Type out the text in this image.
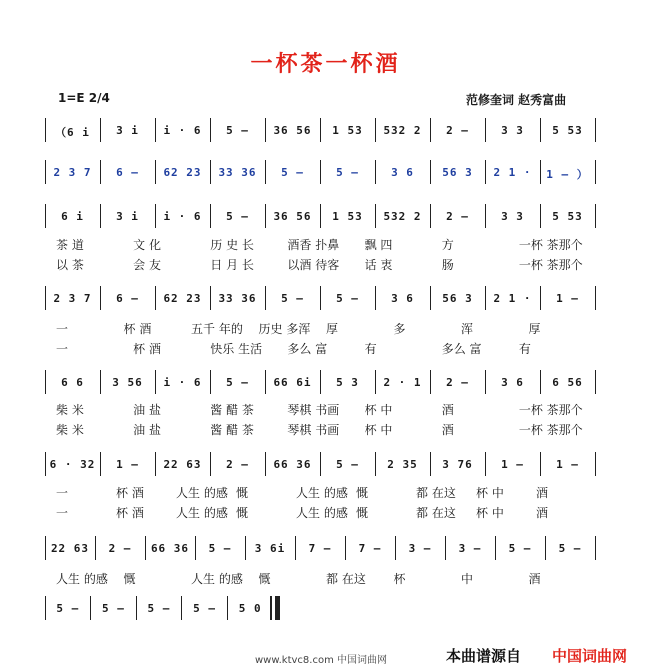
一杯茶一杯酒
1=E 2/4	范修奎词 赵秀富曲
（6 i	3 i	i · 6	5 —	36 56	1 53	532 2	2 —	3 3	5 53
2 3 7	6 —	62 23	33 36	5 —	5 —	3 6	56 3	2 1 ·	1 — ）
6 i	3 i	i · 6	5 —	36 56	1 53	532 2	2 —	3 3	5 53
2 3 7	6 —	62 23	33 36	5 —	5 —	3 6	56 3	2 1 ·	1 —
6 6	3 56	i · 6	5 —	66 6i	5 3	2 · 1	2 —	3 6	6 56
6 · 32	1 —	22 63	2 —	66 36	5 —	2 35	3 76	1 —	1 —
22 63	2 —	66 36	5 —	3 6i	7 —	7 —	3 —	3 —	5 —	5 —
5 —	5 —	5 —	5 —	5 0
茶 道	文 化	历 史 长	酒香 扑鼻 飘 四	方	一杯 茶那个
以 茶	会 友	日 月 长	以酒 待客 话 衷	肠	一杯 茶那个
一	杯 酒	五千 年的 历史 多浑 厚	多	浑	厚
一	杯 酒	快乐 生活 多么 富	有	多么 富	有
柴 米	油 盐	酱 醋 茶	琴棋 书画 杯 中	酒	一杯 茶那个
柴 米	油 盐	酱 醋 茶	琴棋 书画 杯 中	酒	一杯 茶那个
一	杯 酒	人生 的感 慨	人生 的感 慨	都 在这 杯 中	酒
一	杯 酒	人生 的感 慨	人生 的感 慨	都 在这 杯 中	酒
人生 的感 慨	人生 的感 慨	都 在这 杯	中	酒
www.ktvc8.com 中国词曲网	本曲谱源自 中国词曲网
